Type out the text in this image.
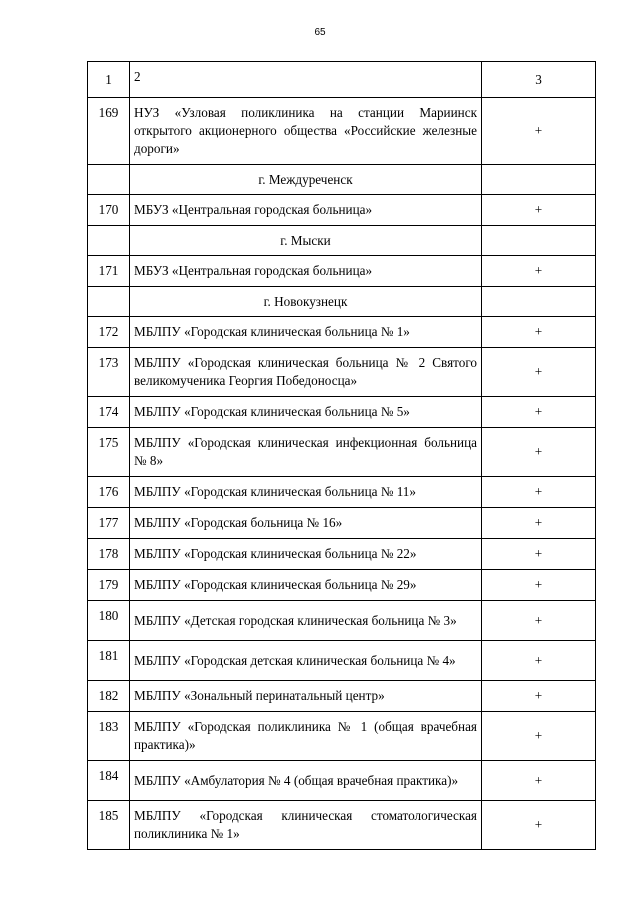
65
1	2	3
169	НУЗ «Узловая поликлиника на станции Мариинск открытого акционерного общества «Российские железные дороги»	+
	г. Междуреченск	
170	МБУЗ «Центральная городская больница»	+
	г. Мыски	
171	МБУЗ «Центральная городская больница»	+
	г. Новокузнецк	
172	МБЛПУ «Городская клиническая больница № 1»	+
173	МБЛПУ «Городская клиническая больница № 2 Святого великомученика Георгия Победоносца»	+
174	МБЛПУ «Городская клиническая больница № 5»	+
175	МБЛПУ «Городская клиническая инфекционная больница № 8»	+
176	МБЛПУ «Городская клиническая больница № 11»	+
177	МБЛПУ «Городская больница № 16»	+
178	МБЛПУ «Городская клиническая больница № 22»	+
179	МБЛПУ «Городская клиническая больница № 29»	+
180	МБЛПУ «Детская городская клиническая больница № 3»	+
181	МБЛПУ «Городская детская клиническая больница № 4»	+
182	МБЛПУ «Зональный перинатальный центр»	+
183	МБЛПУ «Городская поликлиника № 1 (общая врачебная практика)»	+
184	МБЛПУ «Амбулатория № 4 (общая врачебная практика)»	+
185	МБЛПУ «Городская клиническая стоматологическая поликлиника № 1»	+
